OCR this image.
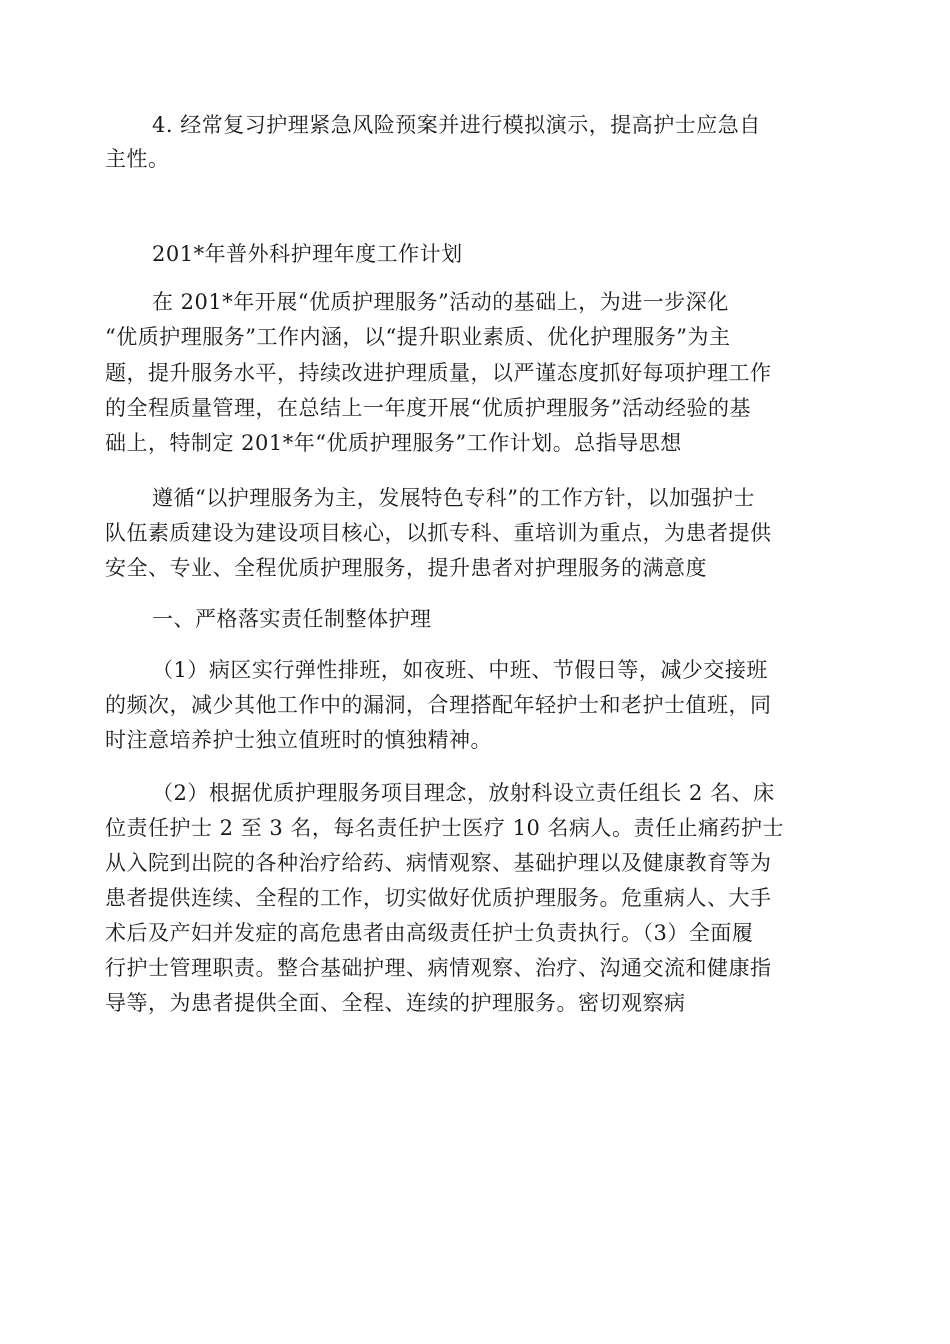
4. 经常复习护理紧急风险预案并进行模拟演示，提高护士应急自

主性。

201*年普外科护理年度工作计划

在 201*年开展“优质护理服务”活动的基础上，为进一步深化

“优质护理服务”工作内涵，以“提升职业素质、优化护理服务”为主

题，提升服务水平，持续改进护理质量，以严谨态度抓好每项护理工作

的全程质量管理，在总结上一年度开展“优质护理服务”活动经验的基

础上，特制定 201*年“优质护理服务”工作计划。总指导思想

遵循“以护理服务为主，发展特色专科”的工作方针，以加强护士

队伍素质建设为建设项目核心，以抓专科、重培训为重点，为患者提供

安全、专业、全程优质护理服务，提升患者对护理服务的满意度

一、严格落实责任制整体护理

（1）病区实行弹性排班，如夜班、中班、节假日等，减少交接班

的频次，减少其他工作中的漏洞，合理搭配年轻护士和老护士值班，同

时注意培养护士独立值班时的慎独精神。

（2）根据优质护理服务项目理念，放射科设立责任组长 2 名、床

位责任护士 2 至 3 名，每名责任护士医疗 10 名病人。责任止痛药护士

从入院到出院的各种治疗给药、病情观察、基础护理以及健康教育等为

患者提供连续、全程的工作，切实做好优质护理服务。危重病人、大手

术后及产妇并发症的高危患者由高级责任护士负责执行。（3）全面履

行护士管理职责。整合基础护理、病情观察、治疗、沟通交流和健康指

导等，为患者提供全面、全程、连续的护理服务。密切观察病
